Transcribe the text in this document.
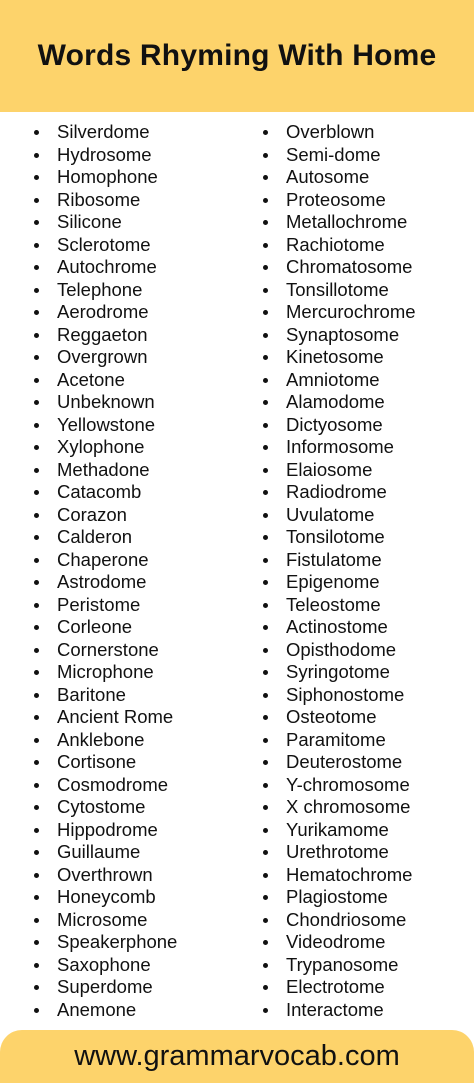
Words Rhyming With Home
Silverdome
Hydrosome
Homophone
Ribosome
Silicone
Sclerotome
Autochrome
Telephone
Aerodrome
Reggaeton
Overgrown
Acetone
Unbeknown
Yellowstone
Xylophone
Methadone
Catacomb
Corazon
Calderon
Chaperone
Astrodome
Peristome
Corleone
Cornerstone
Microphone
Baritone
Ancient Rome
Anklebone
Cortisone
Cosmodrome
Cytostome
Hippodrome
Guillaume
Overthrown
Honeycomb
Microsome
Speakerphone
Saxophone
Superdome
Anemone
Overblown
Semi-dome
Autosome
Proteosome
Metallochrome
Rachiotome
Chromatosome
Tonsillotome
Mercurochrome
Synaptosome
Kinetosome
Amniotome
Alamodome
Dictyosome
Informosome
Elaiosome
Radiodrome
Uvulatome
Tonsilotome
Fistulatome
Epigenome
Teleostome
Actinostome
Opisthodome
Syringotome
Siphonostome
Osteotome
Paramitome
Deuterostome
Y-chromosome
X chromosome
Yurikamome
Urethrotome
Hematochrome
Plagiostome
Chondriosome
Videodrome
Trypanosome
Electrotome
Interactome
www.grammarvocab.com
